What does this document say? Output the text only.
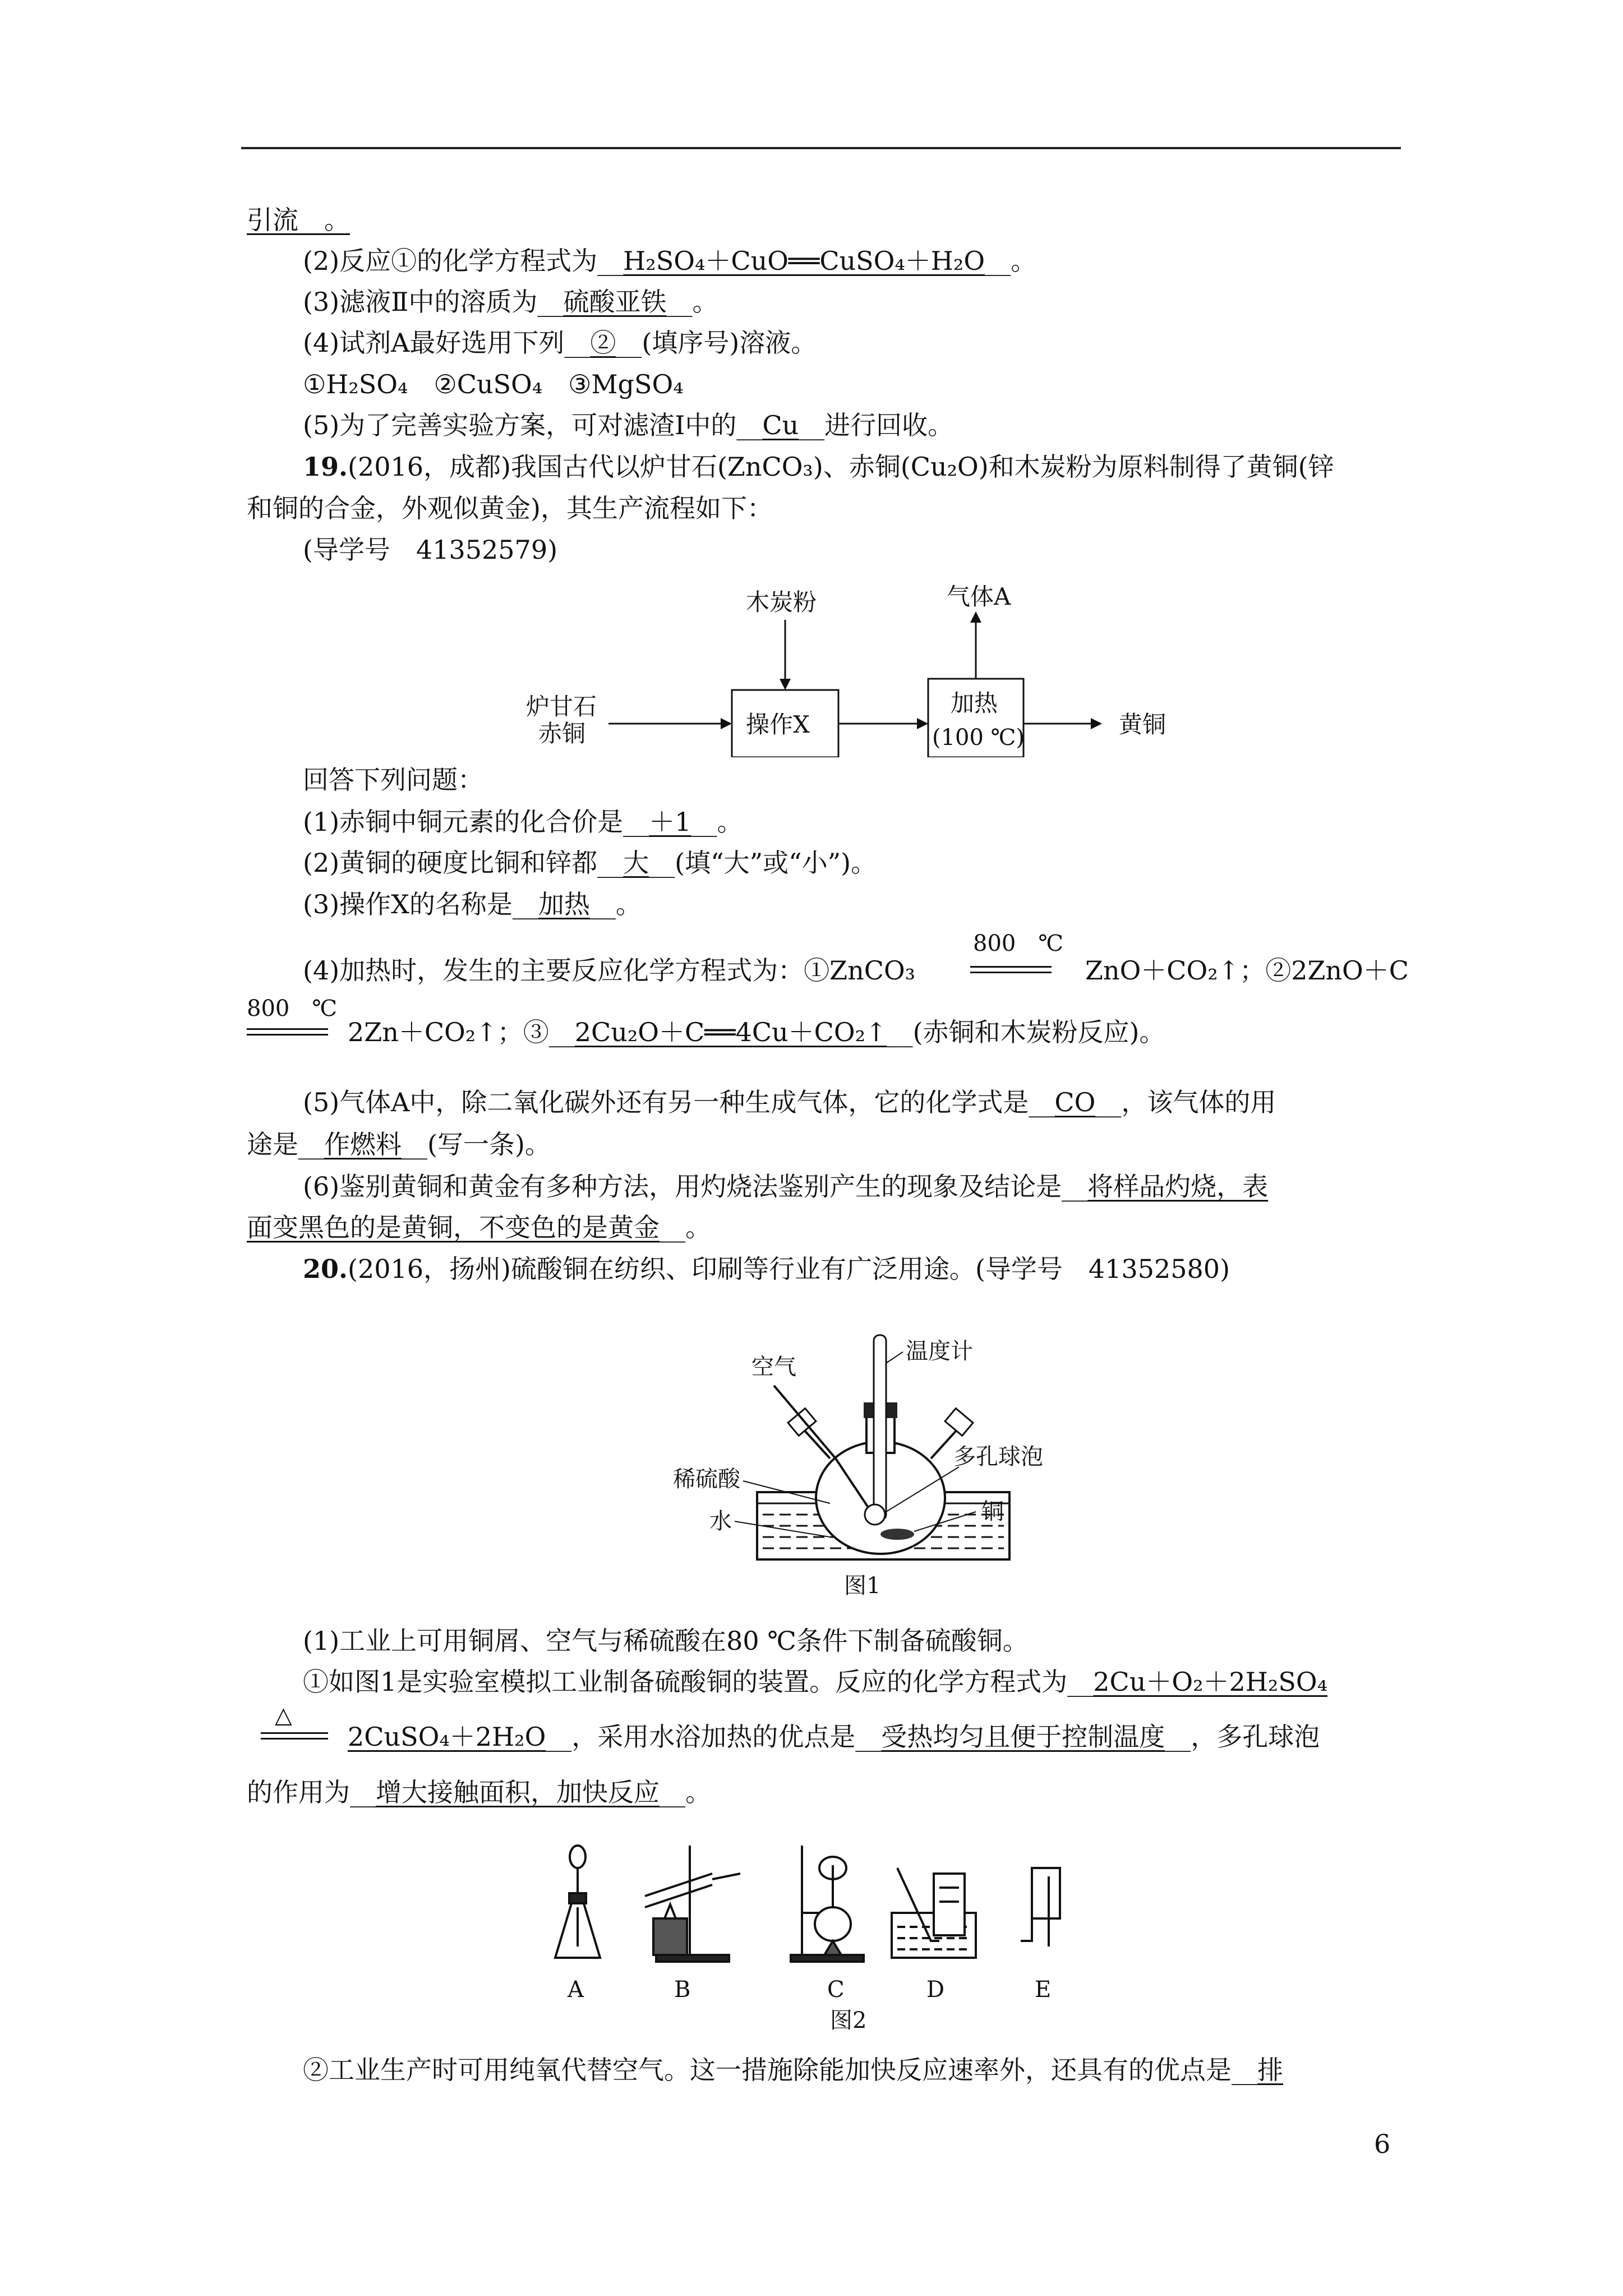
引流__。
(2)反应①的化学方程式为__H₂SO₄＋CuO══CuSO₄＋H₂O__。
(3)滤液Ⅱ中的溶质为__硫酸亚铁__。
(4)试剂A最好选用下列__②__(填序号)溶液。
①H₂SO₄　②CuSO₄　③MgSO₄
(5)为了完善实验方案，可对滤渣Ⅰ中的__Cu__进行回收。
19.(2016，成都)我国古代以炉甘石(ZnCO₃)、赤铜(Cu₂O)和木炭粉为原料制得了黄铜(锌
和铜的合金，外观似黄金)，其生产流程如下：
(导学号　41352579)
木炭粉
操作X
炉甘石
赤铜
加热
(100 ℃)
气体A
黄铜
回答下列问题：
(1)赤铜中铜元素的化合价是__＋1__。
(2)黄铜的硬度比铜和锌都__大__(填“大”或“小”)。
(3)操作X的名称是__加热__。
800　℃
(4)加热时，发生的主要反应化学方程式为：①ZnCO₃	ZnO＋CO₂↑；②2ZnO＋C
800　℃
2Zn＋CO₂↑；③__2Cu₂O＋C══4Cu＋CO₂↑__(赤铜和木炭粉反应)。
(5)气体A中，除二氧化碳外还有另一种生成气体，它的化学式是__CO__，该气体的用
途是__作燃料__(写一条)。
(6)鉴别黄铜和黄金有多种方法，用灼烧法鉴别产生的现象及结论是__将样品灼烧，表
面变黑色的是黄铜，不变色的是黄金__。
20.(2016，扬州)硫酸铜在纺织、印刷等行业有广泛用途。(导学号　41352580)
温度计
空气
多孔球泡
铜
稀硫酸
水
图1
(1)工业上可用铜屑、空气与稀硫酸在80 ℃条件下制备硫酸铜。
①如图1是实验室模拟工业制备硫酸铜的装置。反应的化学方程式为__2Cu＋O₂＋2H₂SO₄
△
2CuSO₄＋2H₂O__，采用水浴加热的优点是__受热均匀且便于控制温度__，多孔球泡
的作用为__增大接触面积，加快反应__。
A	B	C	D	E
图2
②工业生产时可用纯氧代替空气。这一措施除能加快反应速率外，还具有的优点是__排
6
